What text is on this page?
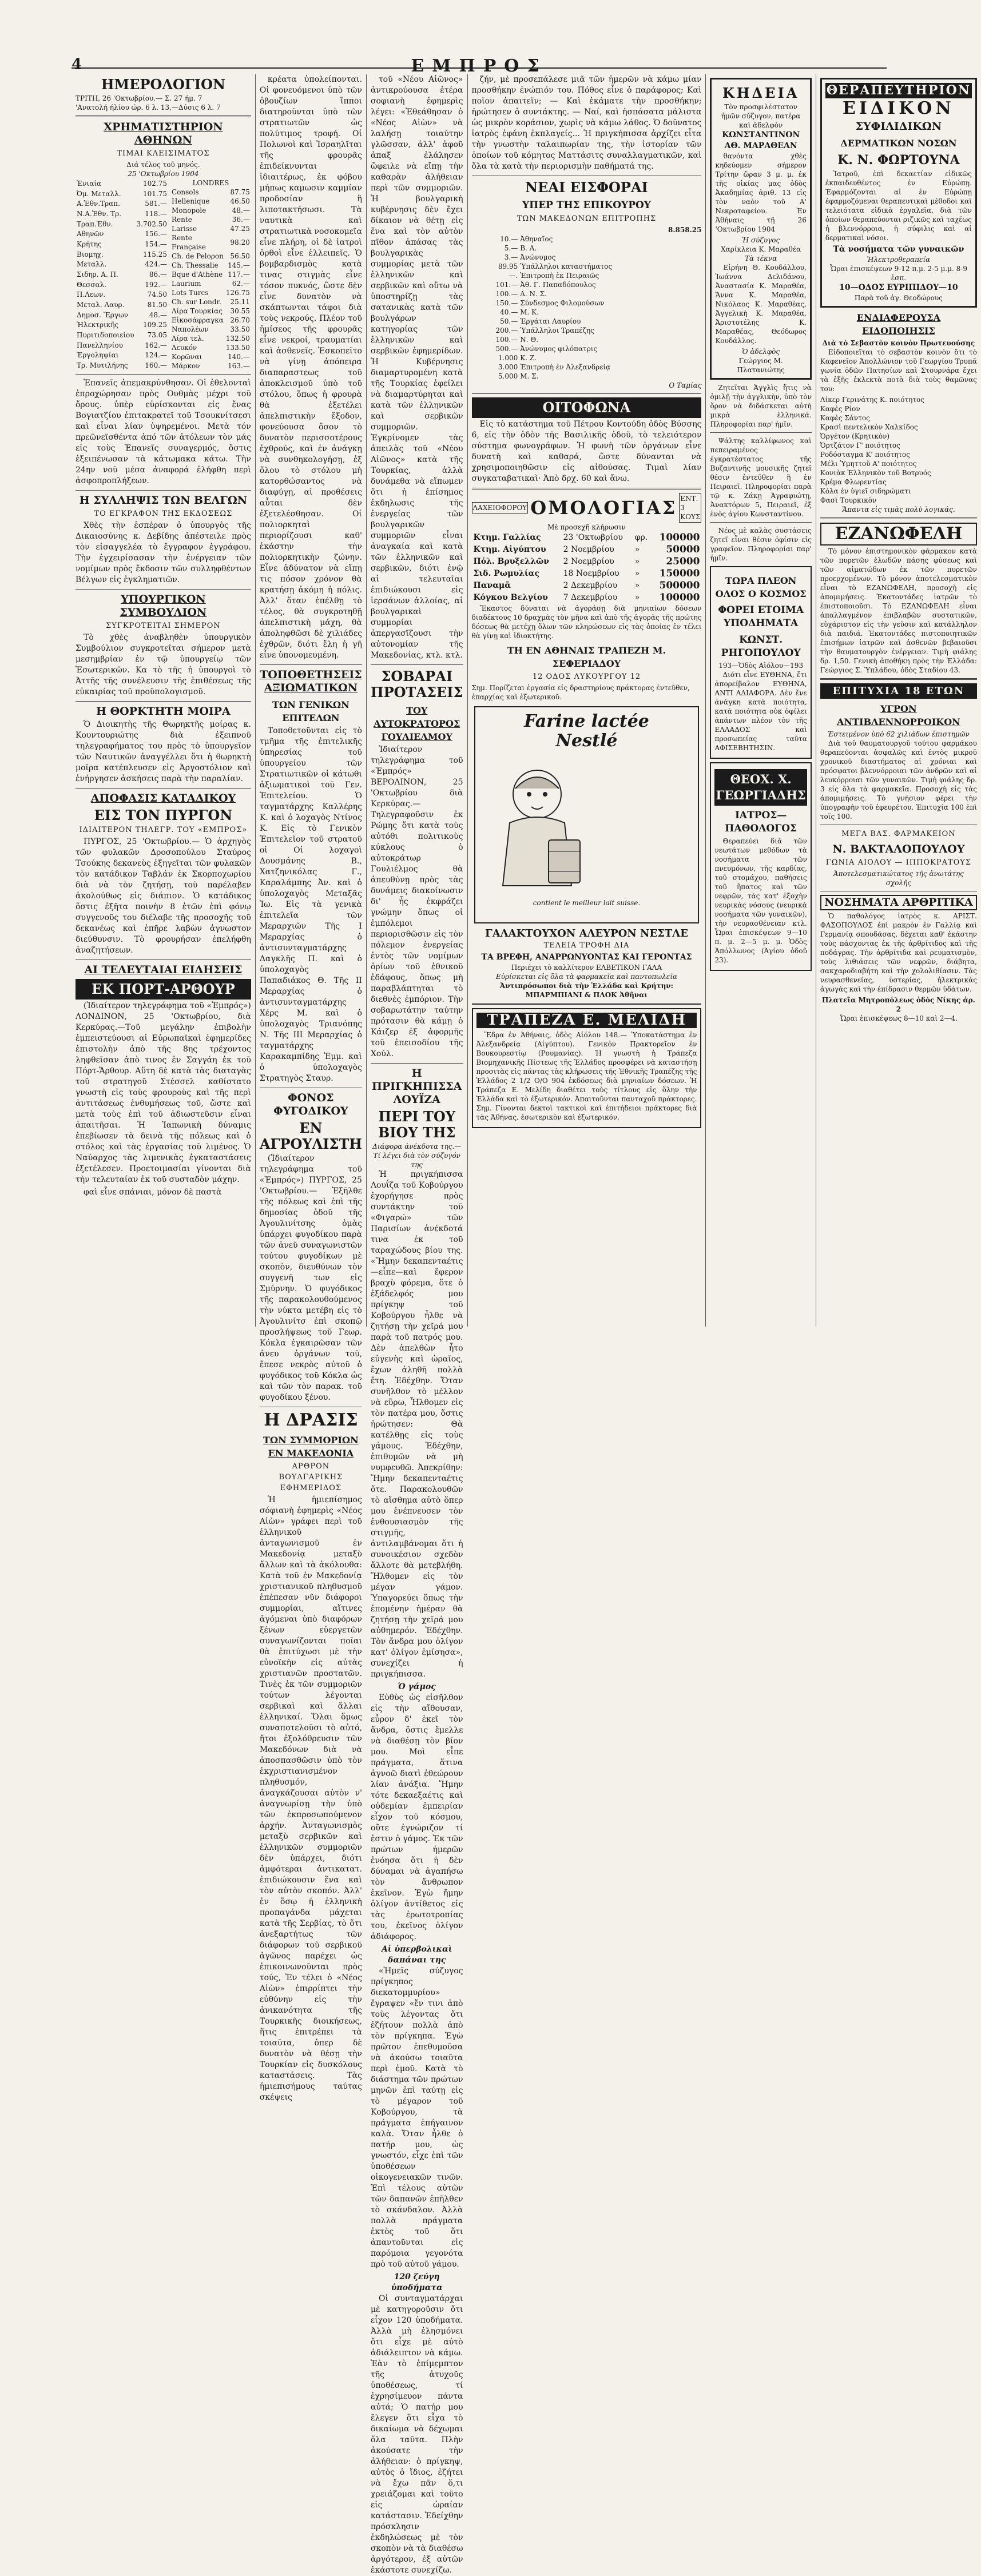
4	ΕΜΠΡΟΣ
ΗΜΕΡΟΛΟΓΙΟΝ
ΤΡΙΤΗ, 26 'Οκτωβρίου.— Σ. 27 ήμ. 7
'Ανατολή ήλίου ώρ. 6 λ. 13,—Δύσις 6 λ. 7
ΧΡΗΜΑΤΙΣΤΗΡΙΟΝ ΑΘΗΝΩΝ
ΤΙΜΑΙ ΚΛΕΙΣΙΜΑΤΟΣ
Διά τέλος τοῦ μηνός.
25 'Οκτωβρίου 1904
Ἐνιαία	102.75
Ὀμ. Μεταλλ.	101.75
Α.Ἐθν.Τραπ.	581.—
Ν.Α.Ἐθν. Τρ.	118.—
Τραπ.Ἐθν.	3.702.50
Αθηνῶν	156.—
Κρήτης	154.—
Βιομηχ.	115.25
Μεταλλ.	424.—
Σιδηρ. Α. Π.	86.—
Θεσσαλ.	192.—
Π.Λεων.	74.50
Μεταλ. Λαυρ.	81.50
Δημοσ. Ἔργων	48.—
Ἠλεκτρικῆς	109.25
Πυριτιδοποιείου	73.05
Πανελληνίου	162.—
Ἐργοληψίαι	124.—
Τρ. Μυτιλήνης	160.—
LONDRES
Consols	87.75
Hellenique	46.50
Monopole	48.—
Rente	36.—
Larisse	47.25
Rente Française	98.20
Ch. de Peloρon	56.50
Ch. Thessalie	145.—
Bque d'Athène	117.—
Laurium	62.—
Lots Turcs	126.75
Ch. sur Londr.	25.11
Λίρα Τουρκίας	30.55
Εἰκοσάφραγκα	26.70
Ναπολέων	33.50
Λίρα τελ.	132.50
Λευκόν	133.50
Κορῶναι	140.—
Μάρκον	163.—
Ἐπανεῖς ἀπεμακρύνθησαν. Οἱ ἐθελονταὶ ἐπροχώρησαν πρὸς Ουθμὰς μέχρι τοῦ ὄρους. ὑπὲρ εὑρίσκονται εἰς ἔνας Βογιατζίου ἐπιτακρατεῖ τοῦ Τσουκνίτσεσι καὶ εἶναι λίαν ὑψηρεμένοι. Μετὰ τόν πρεῶνεϊσθέντα ἀπό τῶν ἀτόλεων τὸν μάς εἰς τοὺς Ἐπανεῖς συναγερμός, ὅστις ἐξειπένωσαν τὰ κάτωμακα κάτω. Τὴν 24ην νοῦ μέσα ἀναφορά ἐλήφθη περὶ ἀσφοπροπλήξεων.
Η ΣΥΛΛΗΨΙΣ ΤΩΝ ΒΕΛΓΩΝ
ΤΟ ΕΓΚΡΑΦΟΝ ΤΗΣ ΕΚΔΟΣΕΩΣ
Χθὲς τὴν ἑσπέραν ὁ ὑπουργὸς τῆς Δικαιοσύνης κ. Δεβίδης ἀπέστειλε πρὸς τὸν εἰσαγγελέα τὸ ἔγγραφον ἐγγράφου. Τὴν ἐγχειρίσασαν τὴν ἐνέργειαν τῶν νομίμων πρὸς ἔκδοσιν τῶν συλληφθέντων Βέλγων εἰς ἐγκληματιῶν.
ΥΠΟΥΡΓΙΚΟΝ ΣΥΜΒΟΥΛΙΟΝ
ΣΥΓΚΡΟΤΕΙΤΑΙ ΣΗΜΕΡΟΝ
Τὸ χθὲς ἀναβληθὲν ὑπουργικὸν Συμβούλιον συγκροτεῖται σήμερον μετὰ μεσημβρίαν ἐν τῷ ὑπουργείῳ τῶν Ἐσωτερικῶν. Κα τὸ τῆς ἡ ὑπουργοὶ τὸ Ἀττῆς τῆς συνέλευσιν τῆς ἐπιθέσεως τῆς εὐκαιρίας τοῦ προϋπολογισμοῦ.
Η ΘΟΡΚΤΗΤΗ ΜΟΙΡΑ
Ὁ Διοικητὴς τῆς Θωρηκτῆς μοίρας κ. Κουντουριώτης διὰ ἐξειπνοῦ τηλεγραφήματος του πρὸς τὸ ὑπουργεῖον τῶν Ναυτικῶν ἀναγγέλλει ὅτι ἡ θωρηκτὴ μοῖρα κατέπλευσεν εἰς Ἀργοστόλιον καὶ ἐνήργησεν ἀσκήσεις παρὰ τὴν παραλίαν.
ΑΠΟΦΑΣΙΣ ΚΑΤΑΔΙΚΟΥ
ΕΙΣ ΤΟΝ ΠΥΡΓΟΝ
ΙΔΙΑΙΤΕΡΟΝ ΤΗΛΕΓΡ. ΤΟΥ «ΕΜΠΡΟΣ»
ΠΥΡΓΟΣ, 25 'Οκτωβρίου.— Ὁ ἀρχηγὸς τῶν φυλακῶν Δροσοπούλου Σταύρος Τσούκης δεκανεὺς ἐξηγεῖται τῶν φυλακῶν τὸν κατάδικον Ταβλάν ἐκ Σκορποχωρίου διὰ νὰ τὸν ζητήσῃ, τοῦ παρέλαβεν ἀκολούθως εἰς διάπιον. Ὁ κατάδικος ὅστις ἐξῆτα ποινὴν 8 ἐτῶν ἐπὶ φόνῳ συγγενοῦς του διέλαβε τῆς προσοχῆς τοῦ δεκανέως καὶ ἐπῆρε λαβὼν ἀγνωστον διεύθυνσιν. Τὸ φρουρήσαν ἐπελήφθη ἀναζητήσεων.
ΑΙ ΤΕΛΕΥΤΑΙΑΙ ΕΙΔΗΣΕΙΣ
ΕΚ ΠΟΡΤ-ΑΡΘΟΥΡ
(Ἰδιαίτερον τηλεγράφημα τοῦ «Ἐμπρός») ΛΟΝΔΙΝΟΝ, 25 'Οκτωβρίου, διὰ Κερκύρας.—Τοῦ μεγάλην ἐπιβολὴν ἐμπειστεύουσι αἱ Εὐρωπαϊκαὶ ἐφημερίδες ἐπιστολὴν ἀπὸ τῆς 8ης τρέχοντος ληφθεῖσαν ἀπὸ τινος ἐν Σαγγάη ἐκ τοῦ Πόρτ-Ἄρθουρ. Αὕτη δὲ κατὰ τὰς διαταγὰς τοῦ στρατηγοῦ Στέσσελ καθίστατο γνωστὴ εἰς τοὺς φρουροὺς καὶ τῆς περὶ ἀντιτάσεως ἐνθυμήσεως τοῦ, ὥστε καὶ μετὰ τοὺς ἐπὶ τοῦ ἀδιωστεῦσιν εἶναι ἀπαιτῆσαι. Ἡ Ἰαπωνικὴ δύναμις ἐπεβίωσεν τὰ δεινὰ τῆς πόλεως καὶ ὁ στόλος καὶ τὰς ἐργασίας τοῦ λιμένος. Ὁ Ναύαρχος τὰς λιμενικὰς ἐγκαταστάσεις ἐξετέλεσεν. Προετοιμασίαι γίνονται διὰ τὴν τελευταίαν ἐκ τοῦ συσταδὸν μάχην.
φαὶ εἶνε σπάνιαι, μόνον δὲ παστὰ
κρέατα ὑπολείπονται. Οἱ φονευόμενοι ὑπὸ τῶν ὀβουζίων ἵπποι διατηροῦνται ὑπὸ τῶν στρατιωτῶν ὡς πολύτιμος τροφή. Οἱ Πολωνοὶ καὶ Ἰσραηλῖται τῆς φρουρᾶς ἐπιδείκνυνται ἰδιαιτέρως, ἐκ φόβου μήπως καμωσιν καμμίαν προδοσίαν ἢ λιποτακτήσωσι. Τὰ ναυτικὰ καὶ στρατιωτικὰ νοσοκομεῖα εἶνε πλήρη, οἱ δὲ ἰατροὶ ὀρθοὶ εἶνε ἐλλειπεῖς. Ὁ βομβαρδισμὸς κατὰ τινας στιγμὰς εἶνε τόσον πυκνός, ὥστε δὲν εἶνε δυνατὸν νὰ σκάπτωνται τάφοι διὰ τοὺς νεκρούς. Πλέον τοῦ ἡμίσεος τῆς φρουρᾶς εἶνε νεκροί, τραυματίαι καὶ ἀσθενεῖς. Ἐσκοπεῖτο νὰ γίνῃ ἀπόπειρα διαπαραστεως τοῦ ἀποκλεισμοῦ ὑπὸ τοῦ στόλου, ὅπως ἡ φρουρὰ θὰ ἐξετέλει ἀπελπιστικὴν ἔξοδον, φονεύουσα ὅσον τὸ δυνατὸν περισσοτέρους ἐχθρούς, καὶ ἐν ἀνάγκῃ νὰ συνθηκολογήσῃ, ἐξ ὅλου τὸ στόλου μὴ κατορθώσαντος νὰ διαφύγῃ, αἱ προθέσεις αὗται δὲν ἐξετελέσθησαν. Οἱ πολιορκηταὶ περιορίζουσι καθ' ἑκάστην τὴν πολιορκητικὴν ζώνην. Εἶνε ἀδύνατον νὰ εἴπῃ τις πόσον χρόνον θὰ κρατήσῃ ἀκόμη ἡ πόλις. Ἀλλ' ὅταν ἐπέλθῃ τὸ τέλος, θὰ συγκροτηθῇ ἀπελπιστικὴ μάχη, θὰ ἀποληφθῶσι δὲ χιλιάδες ἐχθρῶν, διότι ἔλη ἡ γῆ εἶνε ὑπονομευμένη.
ΤΟΠΟΘΕΤΗΣΕΙΣ ΑΞΙΩΜΑΤΙΚΩΝ
ΤΩΝ ΓΕΝΙΚΩΝ ΕΠΙΤΕΛΩΝ
Τοποθετοῦνται εἰς τὸ τμῆμα τῆς ἐπιτελικῆς ὑπηρεσίας τοῦ ὑπουργείου τῶν Στρατιωτικῶν οἱ κάτωθι ἀξιωματικοὶ τοῦ Γεν. Ἐπιτελείου. Ὁ ταγματάρχης Καλλέρης Κ. καὶ ὁ λοχαγὸς Ντίνος Κ. Εἰς τὸ Γενικὸν Ἐπιτελεῖον τοῦ στρατοῦ οἱ Οἱ λοχαγοὶ Δουσμάνης Β., Χατζηνικόλας Γ., Καραλάμπης Ἀν. καὶ ὁ ὑπολοχαγὸς Μεταξᾶς Ἰω. Εἰς τὰ γενικὰ ἐπιτελεῖα τῶν Μεραρχιῶν Τῆς Ι Μεραρχίας ὁ ἀντισυνταγματάρχης Δαγκλῆς Π. καὶ ὁ ὑπολοχαγὸς Παπαδιάκος Θ. Τῆς ΙΙ Μεραρχίας ὁ ἀντισυνταγματάρχης Χέρς Μ. καὶ ὁ ὑπολοχαγὸς Τριανόπης Ν. Τῆς ΙΙΙ Μεραρχίας ὁ ταγματάρχης Καρακαμπίδης Ἐμμ. καὶ ὁ ὑπολοχαγὸς Στρατηγὸς Σταυρ.
ΦΟΝΟΣ ΦΥΓΟΔΙΚΟΥ
ΕΝ ΑΓΡΟΥΛΙΣΤΗ
(Ἰδιαίτερον τηλεγράφημα τοῦ «Ἐμπρός») ΠΥΡΓΟΣ, 25 'Οκτωβρίου.— Ἐξῆλθε τῆς πόλεως καὶ ἐπὶ τῆς δημοσίας ὁδοῦ τῆς Ἀγουλινίτσης ὁμὰς ὑπάρχει φυγοδίκου παρὰ τῶν ἀνεῦ συναγωνιστῶν τούτου φυγοδίκων μὲ σκοπὸν, διευθύνων τὸν συγγενῆ των εἰς Σμύρνην. Ὁ φυγόδικος τῆς παρακολουθούμενος τὴν νύκτα μετέβη εἰς τὸ Ἀγουλινίτσ ἐπὶ σκοπῷ προσλήψεως τοῦ Γεωρ. Κόκλα ἐγκαιρῶσαν τῶν ἀνευ ὀργάνων τοῦ, ἔπεσε νεκρὸς αὐτοῦ ὁ φυγόδικος τοῦ Κόκλα ὡς καὶ τῶν τὸν παρακ. τοῦ φυγοδίκου ξένου.
Η ΔΡΑΣΙΣ
ΤΩΝ ΣΥΜΜΟΡΙΩΝ ΕΝ ΜΑΚΕΔΟΝΙΑ
ΑΡΘΡΟΝ ΒΟΥΛΓΑΡΙΚΗΣ ΕΦΗΜΕΡΙΔΟΣ
Ἡ ἡμιεπίσημος σόφιανὴ ἐφημερὶς «Νέος Αἰὼν» γράφει περὶ τοῦ ἑλληνικοῦ ἀνταγωνισμοῦ ἐν Μακεδονίᾳ μεταξὺ ἄλλων καὶ τὰ ἀκόλουθα: Κατὰ τοῦ ἐν Μακεδονίᾳ χριστιανικοῦ πληθυσμοῦ ἐπέπεσαν νῦν διάφοροι συμμορίαι, αἵτινες ἀγόμεναι ὑπὸ διαφόρων ξένων εὐεργετῶν συναγωνίζονται ποῖαι θὰ ἐπιτύχωσι μὲ τὴν εὐνοϊκὴν εἰς αὐτὰς χριστιανῶν προστατῶν. Τινὲς ἐκ τῶν συμμοριῶν τούτων λέγονται σερβικαὶ καὶ ἄλλαι ἑλληνικαί. Ὅλαι ὅμως συναποτελοῦσι τὸ αὐτό, ἤτοι ἐξολόθρευσιν τῶν Μακεδόνων διὰ νὰ ἀποσπασθῶσιν ὑπὸ τὸν ἐκχριστιανισμένον πληθυσμόν, ἀναγκάζουσαι αὐτὸν ν' ἀναγνωρίσῃ τὴν ὑπὸ τῶν ἐκπροσωπούμενον ἀρχήν. Ἀνταγωνισμὸς μεταξὺ σερβικῶν καὶ ἑλληνικῶν συμμοριῶν δὲν ὑπάρχει, διότι ἀμφότεραι ἀντικατατ. ἐπιδιώκουσιν ἕνα καὶ τὸν αὐτὸν σκοπόν. Ἀλλ' ἐν ὅσῳ ἡ ἑλληνικὴ προπαγάνδα μάχεται κατὰ τῆς Σερβίας, τὸ ὅτι ἀνεξαρτήτως τῶν διάφορων τοῦ σερβικοῦ ἀγῶνος παρέχει ὡς ἐπικοινωνοῦνται πρὸς τούς, Ἐν τέλει ὁ «Νέος Αἰὼν» ἐπιρρίπτει τὴν εὐθύνην εἰς τὴν ἀνικανότητα τῆς Τουρκικῆς διοικήσεως, ἥτις ἐπιτρέπει τὰ τοιαῦτα, ὁπερ δὲ δυνατὸν νὰ θέσῃ τὴν Τουρκίαν εἰς δυσκόλους καταστάσεις. Τὰς ἡμιεπισήμους ταύτας σκέψεις
τοῦ «Νέου Αἰῶνος» ἀντικρούουσα ἐτέρα σοφιανὴ ἐφημερὶς λέγει: «Ἐθεάθησαν ὁ «Νέος Αἰὼν» νὰ λαλήσῃ τοιαύτην γλῶσσαν, ἀλλ' ἀφοῦ ἀπαξ ἐλάλησεν ὤφειλε νὰ εἴπῃ τὴν καθαρὰν ἀλήθειαν περὶ τῶν συμμοριῶν. Ἡ βουλγαρικὴ κυβέρνησις δὲν ἔχει δίκαιον νὰ θέτῃ εἰς ἕνα καὶ τὸν αὐτὸν πῖθον ἁπάσας τὰς βουλγαρικὰς συμμορίας μετὰ τῶν ἑλληνικῶν καὶ σερβικῶν καὶ οὕτω νὰ ὑποστηρίζῃ τὰς σατανικὰς κατὰ τῶν βουλγάρων κατηγορίας τῶν ἑλληνικῶν καὶ σερβικῶν ἐφημερίδων. Ἡ Κυβέρνησις διαμαρτυρομένη κατὰ τῆς Τουρκίας ἐφείλει νὰ διαμαρτύρηται καὶ κατὰ τῶν ἑλληνικῶν καὶ σερβικῶν συμμοριῶν. Ἐγκρίνομεν τὰς ἀπειλὰς τοῦ «Νέου Αἰῶνος» κατὰ τῆς Τουρκίας, ἀλλὰ δυνάμεθα νὰ εἴπωμεν ὅτι ἡ ἐπίσημος ἐκδηλωσις τῆς ἐνεργείας τῶν βουλγαρικῶν συμμοριῶν εἶναι ἀναγκαία καὶ κατὰ τῶν ἑλληνικῶν καὶ σερβικῶν, διότι ἐνῷ αἱ τελευταῖαι ἐπιδιώκουσι εἰς ἱερσάνων ἀλλοίας, αἱ βουλγαρικαὶ συμμορίαι ἀπεργασῖζουσι τὴν αὐτονομίαν τῆς Μακεδονίας, κτλ. κτλ.
ΣΟΒΑΡΑΙ ΠΡΟΤΑΣΕΙΣ
ΤΟΥ ΑΥΤΟΚΡΑΤΟΡΟΣ ΓΟΥΛΙΕΛΜΟΥ
Ἰδιαίτερον τηλεγράφημα τοῦ «Ἐμπρός» ΒΕΡΟΛΙΝΟΝ, 25 'Οκτωβρίου διὰ Κερκύρας.— Τηλεγραφοῦσιν ἐκ Ρώμης ὅτι κατὰ τοὺς αὐτόθι πολιτικοὺς κύκλους ὁ αὐτοκράτωρ Γουλιέλμος θὰ ἀπευθύνῃ πρὸς τὰς δυνάμεις διακοίνωσιν δι' ἧς ἐκφράζει γνώμην ὅπως οἱ ἐμπόλεμοι περιορισθῶσιν εἰς τὸν πόλεμον ἐνεργείας ἐντὸς τῶν νομίμων ὁρίων τοῦ ἐθνικοῦ ἐδάφους, ὅπως μὴ παραβλάπτηται τὸ διεθνὲς ἐμπόριον. Τὴν σοβαρωτάτην ταύτην πρότασιν θὰ κάμῃ ὁ Κάιζερ ἐξ ἀφορμῆς τοῦ ἐπεισοδίου τῆς Χούλ.
Η ΠΡΙΓΚΗΠΙΣΣΑ ΛΟΥΪΖΑ
ΠΕΡΙ ΤΟΥ ΒΙΟΥ ΤΗΣ
Διάφορα ἀνέκδοτα της.—Τί λέγει διὰ τὸν σύζυγόν της
Ἡ πριγκήπισσα Λουΐζα τοῦ Κοβούργου ἐχορήγησε πρὸς συντάκτην τοῦ «Φιγαρώ» τῶν Παρισίων ἀνέκδοτά τινα ἐκ τοῦ ταραχώδους βίου της. «Ἤμην δεκαπενταέτις—εἶπε—καὶ ἔφερον βραχὺ φόρεμα, ὅτε ὁ ἐξάδελφός μου πρίγκηψ τοῦ Κοβούργου ἦλθε νὰ ζητήσῃ τὴν χεῖρά μου παρὰ τοῦ πατρός μου. Δὲν ἀπελθὼν ἦτο εὐγενὴς καὶ ὡραῖος, ἔχων ἀληθῆ πολλὰ ἔτη. Ἐδέχθην. Ὅταν συνῆλθον τὸ μέλλον νὰ εὕρω, Ἦλθομεν εἰς τὸν πατέρα μου, ὅστις ἠρώτησεν: Θὰ κατέλθῃς εἰς τοὺς γάμους. Ἐδέχθην, ἐπιθυμῶν νὰ μὴ νυμφευθῶ. Ἀπεκρίθην: Ἤμην δεκαπενταέτις ὅτε. Παρακολουθῶν τὸ αἴσθημα αὐτὸ ὅπερ μου ἐνέπνευσεν τὸν ἐνθουσιασμὸν τῆς στιγμῆς, ἀντιλαμβάνομαι ὅτι ἡ συνοικέσιον σχεδὸν ἄλλοτε θὰ μετεβλήθη. Ἤλθομεν εἰς τὸν μέγαν γάμον. Ὑπαγορεύει ὅπως τὴν ἐπομένην ἡμέραν θὰ ζητήσῃ τὴν χεῖρά μου αὐθημερόν. Ἐδέχθην. Τὸν ἄνδρα μου ὀλίγον κατ' ὀλίγον ἐμίσησα», συνεχίζει ἡ πριγκήπισσα.
Ὁ γάμος
Εὐθὺς ὡς εἰσῆλθον εἰς τὴν αἴθουσαν, εὗρον δ' ἐκεῖ τὸν ἄνδρα, ὅστις ἔμελλε νὰ διαθέσῃ τὸν βίον μου. Μοὶ εἶπε πράγματα, ἅτινα ἀγνοῶ διατὶ ἐθεώρουν λίαν ἀνάξια. Ἤμην τότε δεκαεξαέτις καὶ οὐδεμίαν ἐμπειρίαν εἶχον τοῦ κόσμου, οὔτε ἐγνώριζον τί ἐστιν ὁ γάμος. Ἐκ τῶν πρώτων ἡμερῶν ἐνόησα ὅτι ἡ δὲν δύναμαι νὰ ἀγαπήσω τὸν ἄνθρωπον ἐκεῖνον. Ἐγὼ ἤμην ὀλίγον ἀντίθετος εἰς τὰς ἐρωτοτροπίας του, ἐκεῖνος ὀλίγον ἀδιάφορος.
Αἱ ὑπερβολικαὶ δαπάναι της
«Ἡμεῖς σύζυγος πρίγκηπος διεκατομμυρίου» ἔγραψεν «ἔν τινι ἀπὸ τοὺς λέγοντας ὅτι ἐζήτουν πολλὰ ἀπὸ τὸν πρίγκηπα. Ἐγὼ πρῶτον ἐπεθυμοῦσα νὰ ἀκούσω τοιαῦτα περὶ ἐμοῦ. Κατὰ τὸ διάστημα τῶν πρώτων μηνῶν ἐπὶ ταύτῃ εἰς τὸ μέγαρον τοῦ Κοβούργου, τὰ πράγματα ἐπήγαινον καλὰ. Ὅταν ἦλθε ὁ πατήρ μου, ὡς γνωστόν, εἶχε ἐπὶ τῶν ὑποθέσεων οἰκογενειακῶν τινῶν. Ἐπὶ τέλους αὐτῶν τῶν δαπανῶν ἐπῆλθεν τὸ σκάνδαλον. Ἀλλὰ πολλὰ πράγματα ἐκτὸς τοῦ ὅτι ἀπαντοῦνται εἰς παρόμοια γεγονότα πρὸ τοῦ αὐτοῦ γάμου.
120 ζεύγη ὑποδήματα
Οἱ συνταγματάρχαι μὲ κατηγοροῦσιν ὅτι εἶχον 120 ὑποδήματα. Ἀλλὰ μὴ ἐλησμόνει ὅτι εἶχε μὲ αὐτὸ ἀδιάλειπτον νὰ κάμω. Ἐὰν τὸ ἐπίμεμπτον τῆς ἀτυχοῦς ὑποθέσεως, τί ἐχρησίμευον πάντα αὐτά; Ὁ πατήρ μου ἔλεγεν ὅτι εἶχα τὸ δικαίωμα νὰ δέχωμαι ὅλα ταῦτα. Πλὴν ἀκούσατε τὴν ἀλήθειαν: ὁ πρίγκηψ, αὐτὸς ὁ ἴδιος, ἐζήτει νὰ ἔχω πᾶν ὅ,τι χρειάζομαι καὶ τοῦτο εἰς ὠραίαν κατάστασιν. Ἐδείχθην πρόσκλησιν ἐκδηλώσεως μὲ τὸν σκοπὸν νὰ τὰ διαθέσω ἀργότερον, ἐξ αὐτῶν ἐκάστοτε συνεχίζω.
ζήν, μὲ προσεπάλεσε μιᾶ τῶν ἡμερῶν νὰ κάμω μίαν προσθήκην ἐνώπιόν του. Πόθος εἶνε ὁ παράφορος; Καὶ ποῖον ἀπαιτεῖν; — Καὶ ἐκάματε τὴν προσθήκην; ἠρώτησεν ὁ συντάκτης. — Ναί, καὶ ἠσπάσατα μάλιστα ὡς μικρὸν κοράσιον, χωρὶς νὰ κάμω λάθος. Ὁ δοῦνατος ἰατρὸς ἐφάνη ἐκπλαγείς... Ἡ πριγκήπισσα ἀρχίζει εἶτα τὴν γνωστὴν ταλαιπωρίαν της, τὴν ἱστορίαν τῶν ὁποίων τοῦ κόμητος Ματτάσιτς συναλλαγματικῶν, καὶ ὅλα τὰ κατὰ τὴν περιορισμὴν παθήματά της.
ΝΕΑΙ ΕΙΣΦΟΡΑΙ
ΥΠΕΡ ΤΗΣ ΕΠΙΚΟΥΡΟΥ
ΤΩΝ ΜΑΚΕΔΟΝΩΝ ΕΠΙΤΡΟΠΗΣ
8.858.25
10.—	Ἀθηναῖος
5.—	Β. Α.
3.—	Ἀνώνυμος
89.95	Ὑπάλληλοι καταστήματος
—.	Ἐπιτροπὴ ἐκ Πειραιῶς
101.—	Ἀθ. Γ. Παπαδόπουλος
100.—	Δ. Ν. Σ.
150.—	Σύνδεσμος Φιλομούσων
40.—	Μ. Κ.
50.—	Ἐργάται Λαυρίου
200.—	Ὑπάλληλοι Τραπέζης
100.—	Ν. Θ.
500.—	Ἀνώνυμος φιλόπατρις
1.000	Κ. Ζ.
3.000	Ἐπιτροπὴ ἐν Ἀλεξανδρείᾳ
5.000	Μ. Σ.
Ο Ταμίας
ΟΙΤΟΦΩΝΑ
Εἰς τὸ κατάστημα τοῦ Πέτρου Κοντούδη ὁδὸς Βύσσης 6, εἰς τὴν ὁδὸν τῆς Βασιλικῆς ὁδοῦ, τὸ τελειότερον σύστημα φωνογράφων. Ἡ φωνὴ τῶν ὀργάνων εἶνε δυνατὴ καὶ καθαρά, ὥστε δύνανται νὰ χρησιμοποιηθῶσιν εἰς αἰθούσας. Τιμαὶ λίαν συγκαταβατικαὶ· Ἀπὸ δρχ. 60 καὶ ἄνω.
ΛΑΧΕΙΟΦΟΡΟΥ ΟΜΟΛΟΓΙΑΣ ΕΝΤ. 3 ΚΟΥΣ
Μὲ προσεχῆ κλήρωσιν
Κτημ. Γαλλίας	23 'Οκτωβρίου	φρ.	100000
Κτημ. Αἰγύπτου	2 Νοεμβρίου	»	50000
Πόλ. Βρυξελλῶν	2 Νοεμβρίου	»	25000
Σιδ. Ρωμυλίας	18 Νοεμβρίου	»	150000
Παναμᾶ	2 Δεκεμβρίου	»	500000
Κόγκου Βελγίου	7 Δεκεμβρίου	»	100000
Ἔκαστος δύναται νὰ ἀγοράσῃ διὰ μηνιαίων δόσεων διαδέκτους 10 δραχμὰς τὸν μῆνα καὶ ἀπὸ τῆς ἀγορᾶς τῆς πρώτης δόσεως θὰ μετέχῃ ὅλων τῶν κληρώσεων εἰς τὰς ὁποίας ἐν τέλει θὰ γίνῃ καὶ ἰδιοκτήτης.
ΤΗ ΕΝ ΑΘΗΝΑΙΣ ΤΡΑΠΕΖΗ Μ. ΣΕΦΕΡΙΑΔΟΥ
12 ΟΔΟΣ ΛΥΚΟΥΡΓΟΥ 12
Σημ. Πορίζεται ἐργασία εἰς δραστηρίους πράκτορας ἐντεῦθεν, ἐπαρχίας καὶ ἐξωτερικοῦ.
Farine lactée
Nestlé
contient le meilleur lait suisse.
ΓΑΛΑΚΤΟΥΧΟΝ ΑΛΕΥΡΟΝ ΝΕΣΤΛΕ
ΤΕΛΕΙΑ ΤΡΟΦΗ ΔΙΑ
ΤΑ ΒΡΕΦΗ, ΑΝΑΡΡΩΝΥΟΝΤΑΣ ΚΑΙ ΓΕΡΟΝΤΑΣ
Περιέχει τὸ καλλίτερον ΕΛΒΕΤΙΚΟΝ ΓΑΛΑ
Εὑρίσκεται εἰς ὅλα τὰ φαρμακεῖα καὶ παντοπωλεῖα
Ἀντιπρόσωποι διὰ τὴν Ἑλλάδα καὶ Κρήτην: ΜΠΑΡΜΠΙΑΝΙ & ΠΛΟΚ Ἀθῆναι
ΤΡΑΠΕΖΑ Ε. ΜΕΛΙΔΗ
Ἕδρα ἐν Ἀθήναις, ὁδὸς Αἰόλου 148.— Ὑποκατάστημα ἐν Ἀλεξανδρείᾳ (Αἰγύπτου). Γενικὸν Πρακτορεῖον ἐν Βουκουρεστίῳ (Ρουμανίας). Ἡ γνωστὴ ἡ Τράπεζα Βιομηχανικῆς Πίστεως τῆς Ἑλλάδος προσφέρει νὰ καταστήσῃ προσιτὰς εἰς πάντας τὰς κλήρωσεις τῆς Ἐθνικῆς Τραπέζης τῆς Ἑλλάδος 2 1/2 Ο/Ο 904 ἐκδόσεως διὰ μηνιαίων δόσεων. Ἡ Τράπεζα Ε. Μελίδη διαθέτει τοὺς τίτλους εἰς ὅλην τὴν Ἑλλάδα καὶ τὸ ἐξωτερικόν. Ἀπαιτοῦνται πανταχοῦ πράκτορες. Σημ. Γίνονται δεκτοὶ τακτικοὶ καὶ ἐπιτήδειοι πράκτορες διὰ τὰς Ἀθήνας, ἐσωτερικὸν καὶ ἐξωτερικόν.
ΚΗΔΕΙΑ
Τὸν προσφιλέστατον ἡμῶν σύζυγον, πατέρα καὶ ἀδελφὸν
ΚΩΝΣΤΑΝΤΙΝΟΝ ΑΘ. ΜΑΡΑΘΕΑΝ
θανόντα χθὲς κηδεύομεν σήμερον Τρίτην ὥραν 3 μ. μ. ἐκ τῆς οἰκίας μας ὁδὸς Ἀκαδημίας ἀριθ. 13 εἰς τὸν ναὸν τοῦ Α' Νεκροταφείου. Ἐν Ἀθήναις τῇ 26 'Οκτωβρίου 1904
Ἡ σύζυγος
Χαρίκλεια Κ. Μαραθέα
Τὰ τέκνα
Εἰρήνη Θ. Κουδάλλου, Ἰωάννα Δελιδάνου, Ἀναστασία Κ. Μαραθέα, Ἄννα Κ. Μαραθέα, Νικόλαος Κ. Μαραθέας, Ἀγγελικὴ Κ. Μαραθέα, Ἀριστοτέλης Κ. Μαραθέας, Θεόδωρος Κουδάλλος.
Ὁ ἀδελφὸς
Γεώργιος Μ. Πλατανιώτης
Ζητεῖται Ἀγγλὶς ἥτις νὰ ὁμιλῇ τὴν ἀγγλικὴν, ὑπὸ τὸν ὅρον νὰ διδάσκεται αὐτὴ μικρὰ ἑλληνικά. Πληροφορίαι παρ' ἡμῖν.
Ψάλτης καλλίφωνος καὶ πεπειραμένος ἐγκρατέστατος τῆς Βυζαντινῆς μουσικῆς ζητεῖ θέσιν ἐντεῦθεν ἢ ἐν Πειραιεῖ. Πληροφορίαι παρὰ τῷ κ. Ζάκῃ Ἀγραφιώτῃ, Ἀνακτόρων 5, Πειραιεῖ, ἐξ ἑνὸς ἀγίου Κωνσταντίνου.
Νέος μὲ καλὰς συστάσεις ζητεῖ εἶναι θέσιν ὀφίσιν εἰς γραφεῖον. Πληροφορίαι παρ' ἡμῖν.
ΤΩΡΑ ΠΛΕΟΝ ΟΛΟΣ Ο ΚΟΣΜΟΣ
ΦΟΡΕΙ ΕΤΟΙΜΑ ΥΠΟΔΗΜΑΤΑ
ΚΩΝΣΤ. ΡΗΓΟΠΟΥΛΟΥ
193—Ὁδὸς Αἰόλου—193
Διότι εἶνε ΕΥΘΗΝΑ, ἔτι ἀπορείβαλον ΕΥΘΗΝΑ, ΑΝΤΙ ΑΔΙΑΦΟΡΑ. Δὲν ἔνε ἀνάγκη κατὰ ποιότητα, κατὰ ποιότητα οὐκ ὀφίλει ἁπάντων πλέον τὸν τῆς ΕΛΛΑΔΟΣ καὶ προσωπείας ταῦτα ΑΦΙΣΕΒΗΤΗΣΙΝ.
ΘΕΟΧ. Χ. ΓΕΩΡΓΙΑΔΗΣ
ΙΑΤΡΟΣ—ΠΑΘΟΛΟΓΟΣ
Θεραπεύει διὰ τῶν νεωτάτων μεθόδων τὰ νοσήματα τῶν πνευμόνων, τῆς καρδίας, τοῦ στομάχου, παθήσεις τοῦ ἥπατος καὶ τῶν νεφρῶν, τὰς κατ' ἐξοχὴν νευρικὰς νόσους (νευρικὰ νοσήματα τῶν γυναικῶν), τὴν νευρασθένειαν κτλ. Ὧραι ἐπισκέψεων 9—10 π. μ. 2—5 μ. μ. Ὁδὸς Ἀπόλλωνος (Ἁγίου ὁδοῦ 23).
ΘΕΡΑΠΕΥΤΗΡΙΟΝ
ΕΙΔΙΚΟΝ
ΣΥΦΙΛΙΔΙΚΩΝ
ΔΕΡΜΑΤΙΚΩΝ ΝΟΣΩΝ
Κ. Ν. ΦΩΡΤΟΥΝΑ
Ἰατροῦ, ἐπὶ δεκαετίαν εἰδικῶς ἐκπαιδευθέντος ἐν Εὐρώπῃ. Ἐφαρμόζονται αἱ ἐν Εὐρώπῃ ἐφαρμοζόμεναι θεραπευτικαὶ μέθοδοι καὶ τελειότατα εἰδικὰ ἐργαλεῖα, διὰ τῶν ὁποίων θεραπεύονται ριζικῶς καὶ ταχέως ἡ βλεννόρροια, ἡ σύφιλις καὶ αἱ δερματικαὶ νόσοι.
Τὰ νοσήματα τῶν γυναικῶν
Ἠλεκτροθεραπεία
Ὧραι ἐπισκέψεων 9-12 π.μ. 2-5 μ.μ. 8-9 ἑσπ.
10—ΟΔΟΣ ΕΥΡΙΠΙΔΟΥ—10
Παρὰ τοῦ ἀγ. Θεοδώρους
ΕΝΔΙΑΦΕΡΟΥΣΑ ΕΙΔΟΠΟΙΗΣΙΣ
Διὰ τὸ Σεβαστὸν κοινὸν Πρωτευούσης
Εἰδοποιεῖται τὸ σεβαστὸν κοινὸν ὅτι τὸ Καφενεῖον Ἀπολλώνιον τοῦ Γεωργίου Τρυπᾶ γωνία ὁδῶν Πατησίων καὶ Στουρνάρα ἔχει τὰ ἑξῆς ἐκλεκτὰ ποτὰ διὰ τοὺς θαμῶνας του:
Λίκερ Γερινάτης Κ. ποιότητος
Καφὲς Ρίον
Καφὲς Σάντος
Κρασὶ πεντελικὸν Χαλκίδος
Ὀργέτον (Κρητικὸν)
Ὀρτζάτον Γ' ποιότητος
Ροδόσταγμα Κ' ποιότητος
Μέλι Ὑμηττοῦ Α' ποιότητος
Κονιὰκ Ἑλληνικὸν τοῦ Βοτρυός
Κρέμα Φλωρεντίας
Κόλα ἐν ὑγιεῖ σιδηρώματι
Φασὶ Τουρκικὸν
Ἅπαντα εἰς τιμὰς πολὺ λογικάς.
ΕΖΑΝΩΦΕΛΗ
Τὸ μόνον ἐπιστημονικὸν φάρμακον κατὰ τῶν πυρετῶν ἐλωδῶν πάσης φύσεως καὶ τῶν αἱματώδων ἐκ τῶν πυρετῶν προερχομένων. Τὸ μόνον ἀποτελεσματικὸν εἶναι τὸ ΕΖΑΝΩΦΕΛΗ, προσοχὴ εἰς ἀπομιμήσεις. Ἑκατοντάδες ἰατρῶν τὸ ἐπιστοποιοῦσι. Τὸ ΕΖΑΝΩΦΕΛΗ εἶναι ἀπαλλαγμένον ἐπιβλαβῶν συστατικῶν, εὐχάριστον εἰς τὴν γεῦσιν καὶ κατάλληλον διὰ παιδιά. Ἐκατοντάδες πιστοποιητικῶν ἐπισήμων ἰατρῶν καὶ ἀσθενῶν βεβαιοῦσι τὴν θαυματουργὸν ἐνέργειαν. Τιμὴ φιάλης δρ. 1,50. Γενικὴ ἀποθήκη πρὸς τὴν Ἑλλάδα: Γεώργιος Σ. Ὑπλάδου, ὁδὸς Σταδίου 43.
ΕΠΙΤΥΧΙΑ 18 ΕΤΩΝ
ΥΓΡΟΝ ΑΝΤΙΒΛΕΝΝΟΡΡΟΙΚΟΝ
Ἐστειμένον ὑπὸ 62 χιλιάδων ἐπιστημῶν
Διὰ τοῦ θαυματουργοῦ τούτου φαρμάκου θεραπεύονται ἀσφαλῶς καὶ ἐντὸς μικροῦ χρονικοῦ διαστήματος αἱ χρόνιαι καὶ πρόσφατοι βλεννόρροιαι τῶν ἀνδρῶν καὶ αἱ λευκόρροιαι τῶν γυναικῶν. Τιμὴ φιάλης δρ. 3 εἰς ὅλα τὰ φαρμακεῖα. Προσοχὴ εἰς τὰς ἀπομιμήσεις. Τὸ γνήσιον φέρει τὴν ὑπογραφὴν τοῦ ἐφευρέτου. Ἐπιτυχία 100 ἐπὶ τοῖς 100.
ΜΕΓΑ ΒΑΣ. ΦΑΡΜΑΚΕΙΟΝ
Ν. ΒΑΚΤΑΛΟΠΟΥΛΟΥ
ΓΩΝΙΑ ΑΙΟΛΟΥ — ΙΠΠΟΚΡΑΤΟΥΣ
Ἀποτελεσματικώτατος τῆς ἀνωτάτης σχολῆς
ΝΟΣΗΜΑΤΑ ΑΡΘΡΙΤΙΚΑ
Ὁ παθολόγος ἰατρὸς κ. ΑΡΙΣΤ. ΦΑΣΟΠΟΥΛΟΣ ἐπὶ μακρὸν ἐν Γαλλίᾳ καὶ Γερμανίᾳ σπουδάσας, δέχεται καθ' ἑκάστην τοὺς πάσχοντας ἐκ τῆς ἀρθρίτιδος καὶ τῆς ποδάγρας. Τὴν ἀρθρίτιδα καὶ ρευματισμὸν, τοὺς λιθιάσεις τῶν νεφρῶν, διάβητα, σακχαροδιαβήτη καὶ τὴν χολολιθίασιν. Τὰς νευρασθενείας, ὑστερίας, ἠλεκτρικὰς ἀγωγὰς καὶ τὴν ἐπίδρασιν θερμῶν ὑδάτων.
Πλατεῖα Μητροπόλεως ὁδὸς Νίκης ἀρ. 2
Ὧραι ἐπισκέψεως 8—10 καὶ 2—4.
